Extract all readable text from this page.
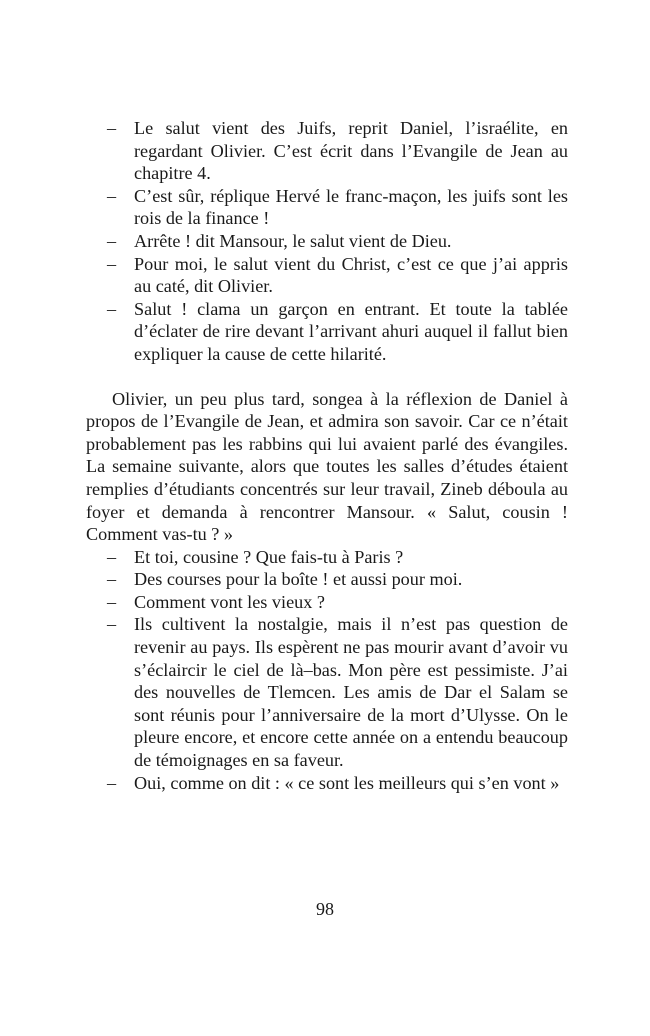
– Le salut vient des Juifs, reprit Daniel, l’israélite, en regardant Olivier. C’est écrit dans l’Evangile de Jean au chapitre 4.
– C’est sûr, réplique Hervé le franc-maçon, les juifs sont les rois de la finance !
– Arrête ! dit Mansour, le salut vient de Dieu.
– Pour moi, le salut vient du Christ, c’est ce que j’ai appris au caté, dit Olivier.
– Salut ! clama un garçon en entrant. Et toute la tablée d’éclater de rire devant l’arrivant ahuri auquel il fallut bien expliquer la cause de cette hilarité.

Olivier, un peu plus tard, songea à la réflexion de Daniel à propos de l’Evangile de Jean, et admira son savoir. Car ce n’était probablement pas les rabbins qui lui avaient parlé des évangiles. La semaine suivante, alors que toutes les salles d’études étaient remplies d’étudiants concentrés sur leur travail, Zineb déboula au foyer et demanda à rencontrer Mansour. « Salut, cousin ! Comment vas-tu ? »

– Et toi, cousine ? Que fais-tu à Paris ?
– Des courses pour la boîte ! et aussi pour moi.
– Comment vont les vieux ?
– Ils cultivent la nostalgie, mais il n’est pas question de revenir au pays. Ils espèrent ne pas mourir avant d’avoir vu s’éclaircir le ciel de là–bas. Mon père est pessimiste. J’ai des nouvelles de Tlemcen. Les amis de Dar el Salam se sont réunis pour l’anniversaire de la mort d’Ulysse. On le pleure encore, et encore cette année on a entendu beaucoup de témoignages en sa faveur.
– Oui, comme on dit : « ce sont les meilleurs qui s’en vont »
98
